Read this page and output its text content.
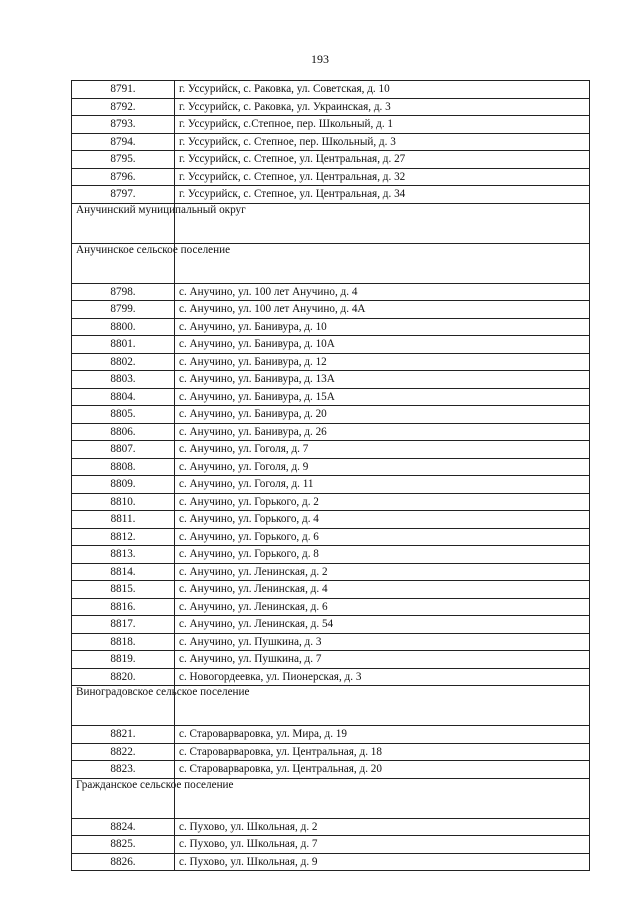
193
8791.	г. Уссурийск, с. Раковка, ул. Советская, д. 10
8792.	г. Уссурийск, с. Раковка, ул. Украинская, д. 3
8793.	г. Уссурийск, с.Степное, пер. Школьный, д. 1
8794.	г. Уссурийск, с. Степное, пер. Школьный, д. 3
8795.	г. Уссурийск, с. Степное, ул. Центральная, д. 27
8796.	г. Уссурийск, с. Степное, ул. Центральная, д. 32
8797.	г. Уссурийск, с. Степное, ул. Центральная, д. 34
Анучинский муниципальный округ	
Анучинское сельское поселение	
8798.	с. Анучино, ул. 100 лет Анучино, д. 4
8799.	с. Анучино, ул. 100 лет Анучино, д. 4А
8800.	с. Анучино, ул. Банивура, д. 10
8801.	с. Анучино, ул. Банивура, д. 10А
8802.	с. Анучино, ул. Банивура, д. 12
8803.	с. Анучино, ул. Банивура, д. 13А
8804.	с. Анучино, ул. Банивура, д. 15А
8805.	с. Анучино, ул. Банивура, д. 20
8806.	с. Анучино, ул. Банивура, д. 26
8807.	с. Анучино, ул. Гоголя, д. 7
8808.	с. Анучино, ул. Гоголя, д. 9
8809.	с. Анучино, ул. Гоголя, д. 11
8810.	с. Анучино, ул. Горького, д. 2
8811.	с. Анучино, ул. Горького, д. 4
8812.	с. Анучино, ул. Горького, д. 6
8813.	с. Анучино, ул. Горького, д. 8
8814.	с. Анучино, ул. Ленинская, д. 2
8815.	с. Анучино, ул. Ленинская, д. 4
8816.	с. Анучино, ул. Ленинская, д. 6
8817.	с. Анучино, ул. Ленинская, д. 54
8818.	с. Анучино, ул. Пушкина, д. 3
8819.	с. Анучино, ул. Пушкина, д. 7
8820.	с. Новогордеевка, ул. Пионерская, д. 3
Виноградовское сельское поселение	
8821.	с. Староварваровка, ул. Мира, д. 19
8822.	с. Староварваровка, ул. Центральная, д. 18
8823.	с. Староварваровка, ул. Центральная, д. 20
Гражданское сельское поселение	
8824.	с. Пухово, ул. Школьная, д. 2
8825.	с. Пухово, ул. Школьная, д. 7
8826.	с. Пухово, ул. Школьная, д. 9
